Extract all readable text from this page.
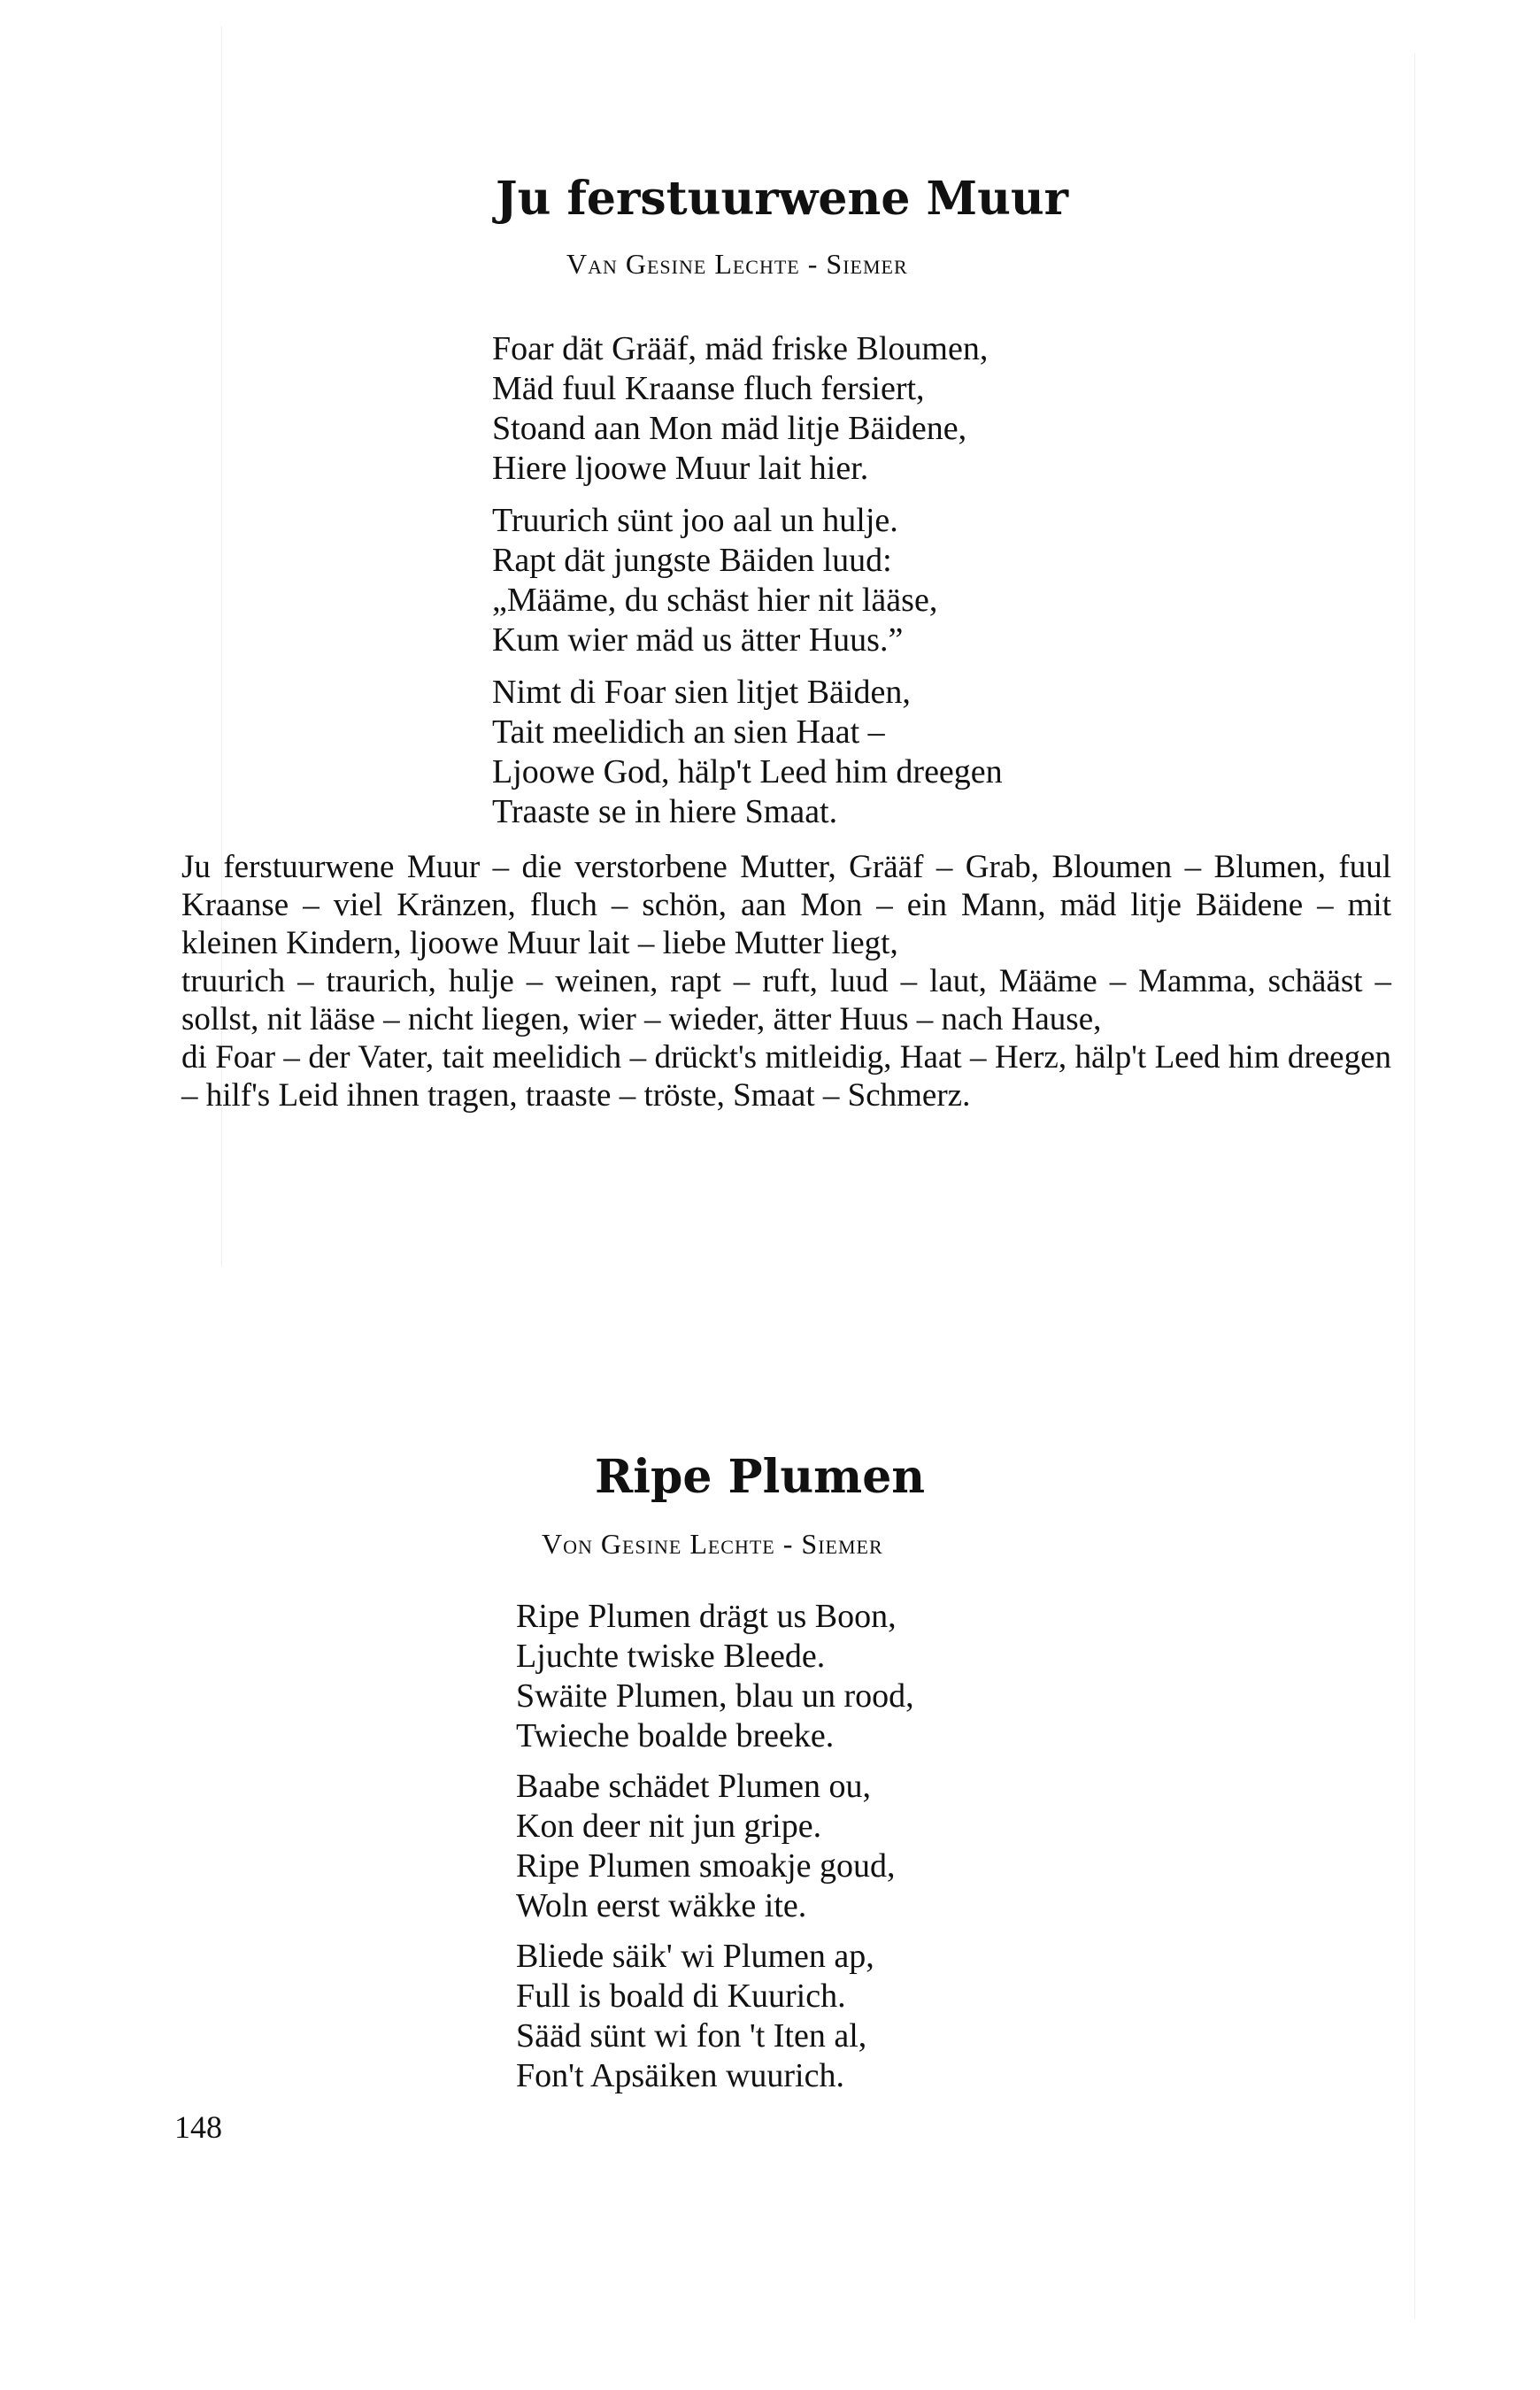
Ju ferstuurwene Muur
Van Gesine Lechte - Siemer
Foar dät Grääf, mäd friske Bloumen,
Mäd fuul Kraanse fluch fersiert,
Stoand aan Mon mäd litje Bäidene,
Hiere ljoowe Muur lait hier.
Truurich sünt joo aal un hulje.
Rapt dät jungste Bäiden luud:
„Määme, du schäst hier nit lääse,
Kum wier mäd us ätter Huus.”
Nimt di Foar sien litjet Bäiden,
Tait meelidich an sien Haat –
Ljoowe God, hälp't Leed him dreegen
Traaste se in hiere Smaat.

Ju ferstuurwene Muur – die verstorbene Mutter, Grääf – Grab, Bloumen – Blumen, fuul Kraanse – viel Kränzen, fluch – schön, aan Mon – ein Mann, mäd litje Bäidene – mit kleinen Kindern, ljoowe Muur lait – liebe Mutter liegt,

truurich – traurich, hulje – weinen, rapt – ruft, luud – laut, Määme – Mamma, schääst – sollst, nit lääse – nicht liegen, wier – wieder, ätter Huus – nach Hause,

di Foar – der Vater, tait meelidich – drückt's mitleidig, Haat – Herz, hälp't Leed him dreegen – hilf's Leid ihnen tragen, traaste – tröste, Smaat – Schmerz.

Ripe Plumen
Von Gesine Lechte - Siemer
Ripe Plumen drägt us Boon,
Ljuchte twiske Bleede.
Swäite Plumen, blau un rood,
Twieche boalde breeke.
Baabe schädet Plumen ou,
Kon deer nit jun gripe.
Ripe Plumen smoakje goud,
Woln eerst wäkke ite.
Bliede säik' wi Plumen ap,
Full is boald di Kuurich.
Sääd sünt wi fon 't Iten al,
Fon't Apsäiken wuurich.
148
